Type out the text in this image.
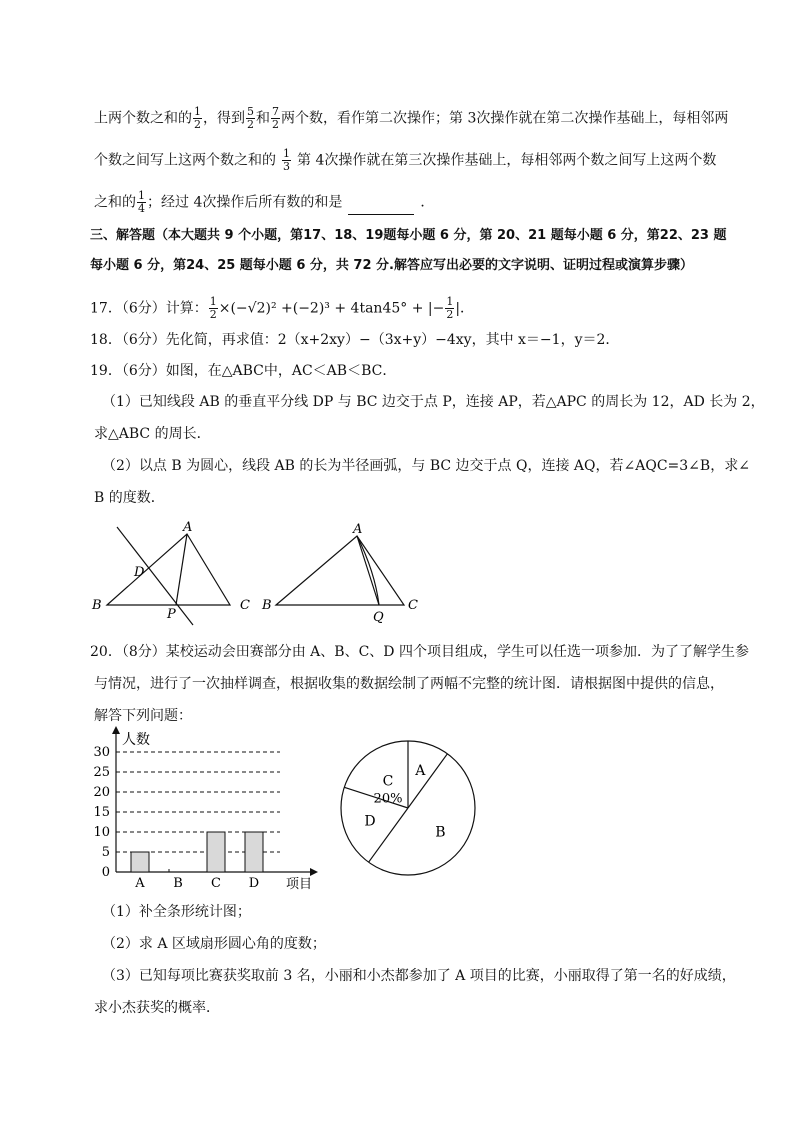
上两个数之和的 $\frac{1}{2}$ ，得到 $\frac{5}{2}$ 和 $\frac{7}{2}$ 两个数，看作第二次操作；第 3次操作就在第二次操作基础上，每相邻两
个数之间写上这两个数之和的 $\frac{1}{3}$ 第 4次操作就在第三次操作基础上，每相邻两个数之间写上这两个数
之和的 $\frac{1}{4}$ ；经过 4次操作后所有数的和是	．
三、解答题（本大题共 9 个小题，第17、18、19题每小题 6 分，第 20、21 题每小题 6 分，第22、23 题
每小题 6 分，第24、25 题每小题 6 分，共 72 分.解答应写出必要的文字说明、证明过程或演算步骤）
17．（6分）计算： $\frac{1}{2} \times(-√2)^2 +(-2)^3 + 4\tan 45^\circ$ + |− $\frac{1}{2}$ |．
18．（6分）先化简，再求值：2（x+2xy）−（3x+y）−4xy，其中 x＝−1，y＝2．
19．（6分）如图，在△ABC中，AC＜AB＜BC．
（1）已知线段 AB 的垂直平分线 DP 与 BC 边交于点 P，连接 AP，若△APC 的周长为 12，AD 长为 2，
求△ABC 的周长．
（2）以点 B 为圆心，线段 AB 的长为半径画弧，与 BC 边交于点 Q，连接 AQ，若∠AQC=3∠B，求∠
B 的度数．
A
B	C
D
P
A
B	C
Q
20．（8分）某校运动会田赛部分由 A、B、C、D 四个项目组成，学生可以任选一项参加．为了了解学生参
与情况，进行了一次抽样调查，根据收集的数据绘制了两幅不完整的统计图．请根据图中提供的信息，
解答下列问题：
人数
项目
0
5
10
15
20
25
30
A B C D
A
B
C
D
20%
（1）补全条形统计图；
（2）求 A 区域扇形圆心角的度数；
（3）已知每项比赛获奖取前 3 名，小丽和小杰都参加了 A 项目的比赛，小丽取得了第一名的好成绩，
求小杰获奖的概率．
